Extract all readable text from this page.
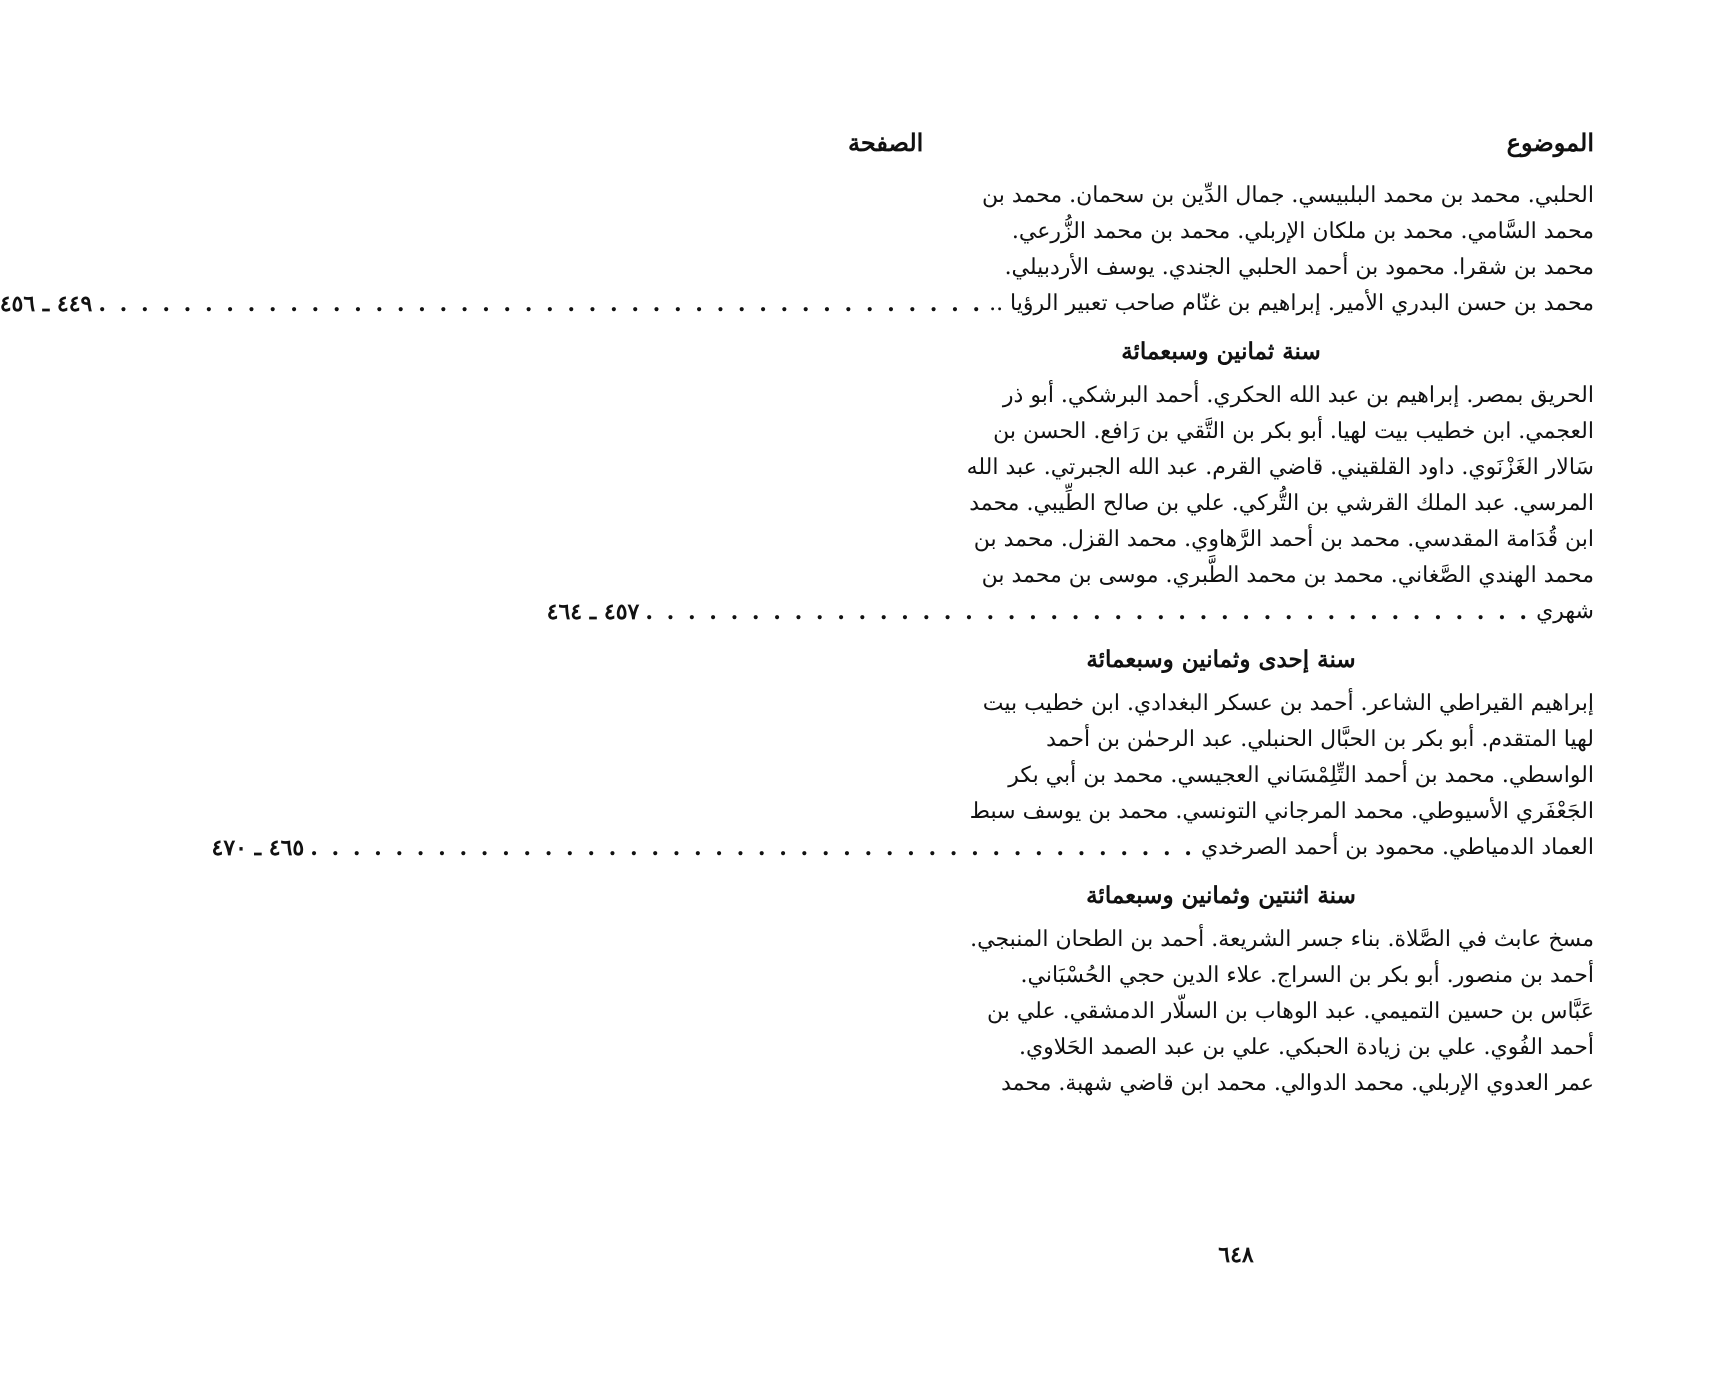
الموضوع
الصفحة
الحلبي. محمد بن محمد البلبيسي. جمال الدِّين بن سحمان. محمد بن
محمد السَّامي. محمد بن ملكان الإربلي. محمد بن محمد الزُّرعي.
محمد بن شقرا. محمود بن أحمد الحلبي الجندي. يوسف الأردبيلي.
محمد بن حسن البدري الأمير. إبراهيم بن غنّام صاحب تعبير الرؤيا ..
. . . . . . . . . . . . . . . . . . . . . . . . . . . . . . . . . . . . . . . . . .
٤٤٩ ـ ٤٥٦
سنة ثمانين وسبعمائة
الحريق بمصر. إبراهيم بن عبد الله الحكري. أحمد البرشكي. أبو ذر
العجمي. ابن خطيب بيت لهيا. أبو بكر بن التَّقي بن رَافع. الحسن بن
سَالار الغَزْنَوي. داود القلقيني. قاضي القرم. عبد الله الجبرتي. عبد الله
المرسي. عبد الملك القرشي بن التُّركي. علي بن صالح الطِّيبي. محمد
ابن قُدَامة المقدسي. محمد بن أحمد الرَّهاوي. محمد القزل. محمد بن
محمد الهندي الصَّغاني. محمد بن محمد الطَّبري. موسى بن محمد بن
شهري
. . . . . . . . . . . . . . . . . . . . . . . . . . . . . . . . . . . . . . . . . .
٤٥٧ ـ ٤٦٤
سنة إحدى وثمانين وسبعمائة
إبراهيم القيراطي الشاعر. أحمد بن عسكر البغدادي. ابن خطيب بيت
لهيا المتقدم. أبو بكر بن الحبَّال الحنبلي. عبد الرحمٰن بن أحمد
الواسطي. محمد بن أحمد التِّلِمْسَاني العجيسي. محمد بن أبي بكر
الجَعْفَري الأسيوطي. محمد المرجاني التونسي. محمد بن يوسف سبط
العماد الدمياطي. محمود بن أحمد الصرخدي
. . . . . . . . . . . . . . . . . . . . . . . . . . . . . . . . . . . . . . . . . .
٤٦٥ ـ ٤٧٠
سنة اثنتين وثمانين وسبعمائة
مسخ عابث في الصَّلاة. بناء جسر الشريعة. أحمد بن الطحان المنبجي.
أحمد بن منصور. أبو بكر بن السراج. علاء الدين حجي الحُسْبَاني.
عَبَّاس بن حسين التميمي. عبد الوهاب بن السلّار الدمشقي. علي بن
أحمد الفُوي. علي بن زيادة الحبكي. علي بن عبد الصمد الحَلاوي.
عمر العدوي الإربلي. محمد الدوالي. محمد ابن قاضي شهبة. محمد
٦٤٨
